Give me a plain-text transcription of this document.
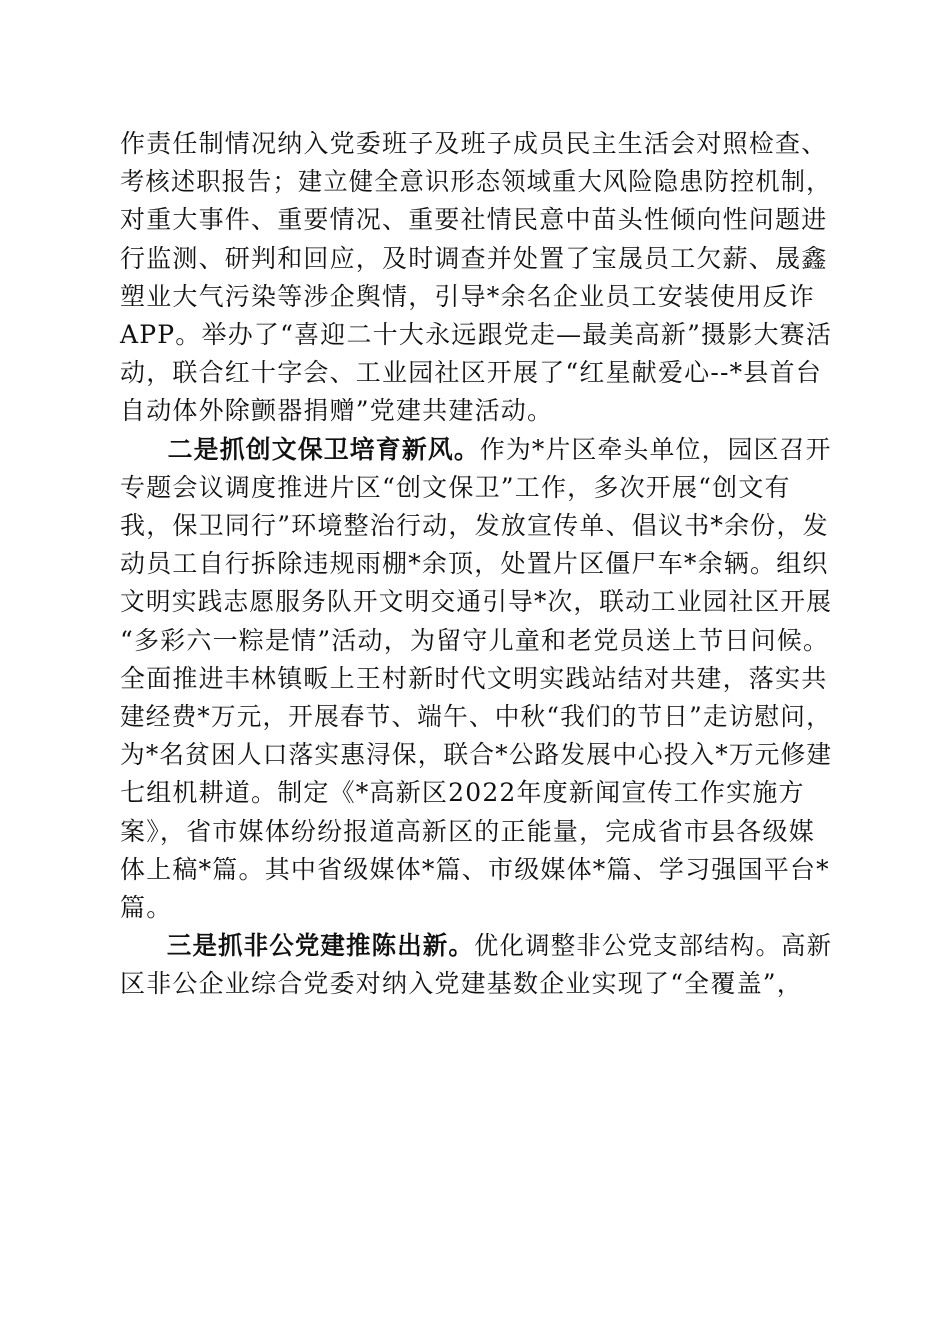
作责任制情况纳入党委班子及班子成员民主生活会对照检查、
考核述职报告；建立健全意识形态领域重大风险隐患防控机制，
对重大事件、重要情况、重要社情民意中苗头性倾向性问题进
行监测、研判和回应，及时调查并处置了宝晟员工欠薪、晟鑫
塑业大气污染等涉企舆情，引导*余名企业员工安装使用反诈
APP。举办了“喜迎二十大永远跟党走—最美高新”摄影大赛活
动，联合红十字会、工业园社区开展了“红星献爱心--*县首台
自动体外除颤器捐赠”党建共建活动。
二是抓创文保卫培育新风。作为*片区牵头单位，园区召开
专题会议调度推进片区“创文保卫”工作，多次开展“创文有
我，保卫同行”环境整治行动，发放宣传单、倡议书*余份，发
动员工自行拆除违规雨棚*余顶，处置片区僵尸车*余辆。组织
文明实践志愿服务队开文明交通引导*次，联动工业园社区开展
“多彩六一粽是情”活动，为留守儿童和老党员送上节日问候。
全面推进丰林镇畈上王村新时代文明实践站结对共建，落实共
建经费*万元，开展春节、端午、中秋“我们的节日”走访慰问，
为*名贫困人口落实惠浔保，联合*公路发展中心投入*万元修建
七组机耕道。制定《*高新区2022年度新闻宣传工作实施方
案》，省市媒体纷纷报道高新区的正能量，完成省市县各级媒
体上稿*篇。其中省级媒体*篇、市级媒体*篇、学习强国平台*
篇。
三是抓非公党建推陈出新。优化调整非公党支部结构。高新
区非公企业综合党委对纳入党建基数企业实现了“全覆盖”，
